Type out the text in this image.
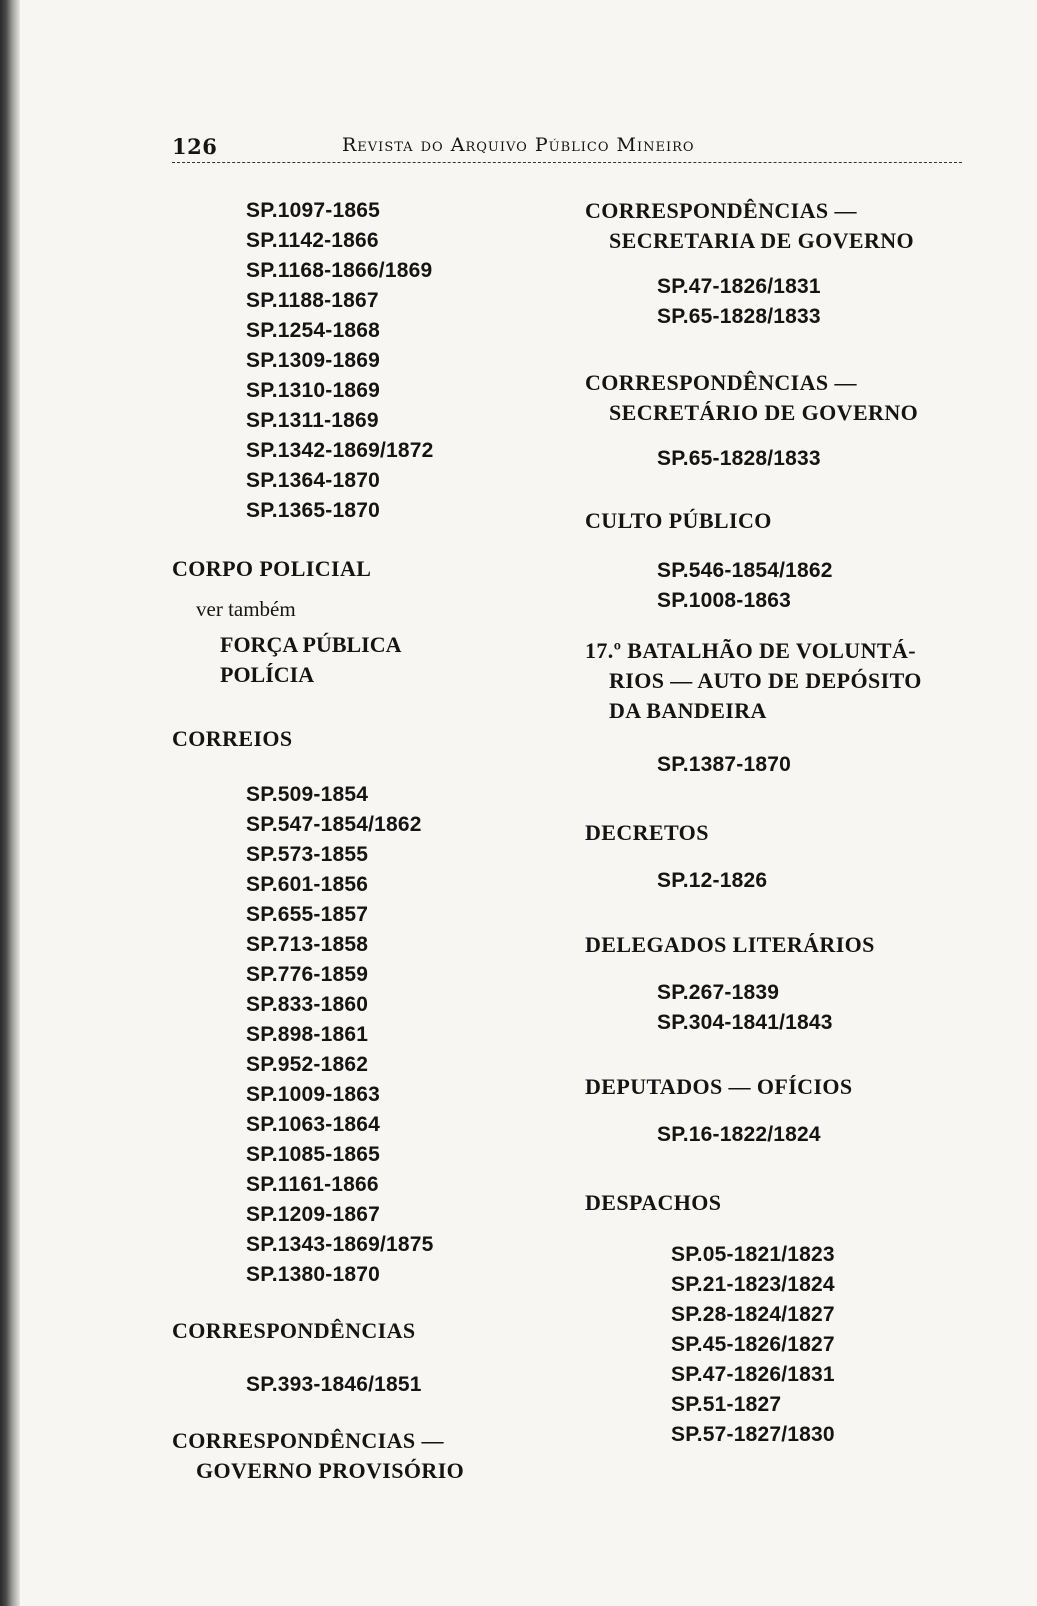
126	Revista do Arquivo Público Mineiro
SP.1097-1865
SP.1142-1866
SP.1168-1866/1869
SP.1188-1867
SP.1254-1868
SP.1309-1869
SP.1310-1869
SP.1311-1869
SP.1342-1869/1872
SP.1364-1870
SP.1365-1870
CORPO POLICIAL
ver também
FORÇA PÚBLICA
POLÍCIA
CORREIOS
SP.509-1854
SP.547-1854/1862
SP.573-1855
SP.601-1856
SP.655-1857
SP.713-1858
SP.776-1859
SP.833-1860
SP.898-1861
SP.952-1862
SP.1009-1863
SP.1063-1864
SP.1085-1865
SP.1161-1866
SP.1209-1867
SP.1343-1869/1875
SP.1380-1870
CORRESPONDÊNCIAS
SP.393-1846/1851
CORRESPONDÊNCIAS —
GOVERNO PROVISÓRIO
CORRESPONDÊNCIAS —
SECRETARIA DE GOVERNO
SP.47-1826/1831
SP.65-1828/1833
CORRESPONDÊNCIAS —
SECRETÁRIO DE GOVERNO
SP.65-1828/1833
CULTO PÚBLICO
SP.546-1854/1862
SP.1008-1863
17.º BATALHÃO DE VOLUNTÁ-
RIOS — AUTO DE DEPÓSITO
DA BANDEIRA
SP.1387-1870
DECRETOS
SP.12-1826
DELEGADOS LITERÁRIOS
SP.267-1839
SP.304-1841/1843
DEPUTADOS — OFÍCIOS
SP.16-1822/1824
DESPACHOS
SP.05-1821/1823
SP.21-1823/1824
SP.28-1824/1827
SP.45-1826/1827
SP.47-1826/1831
SP.51-1827
SP.57-1827/1830
